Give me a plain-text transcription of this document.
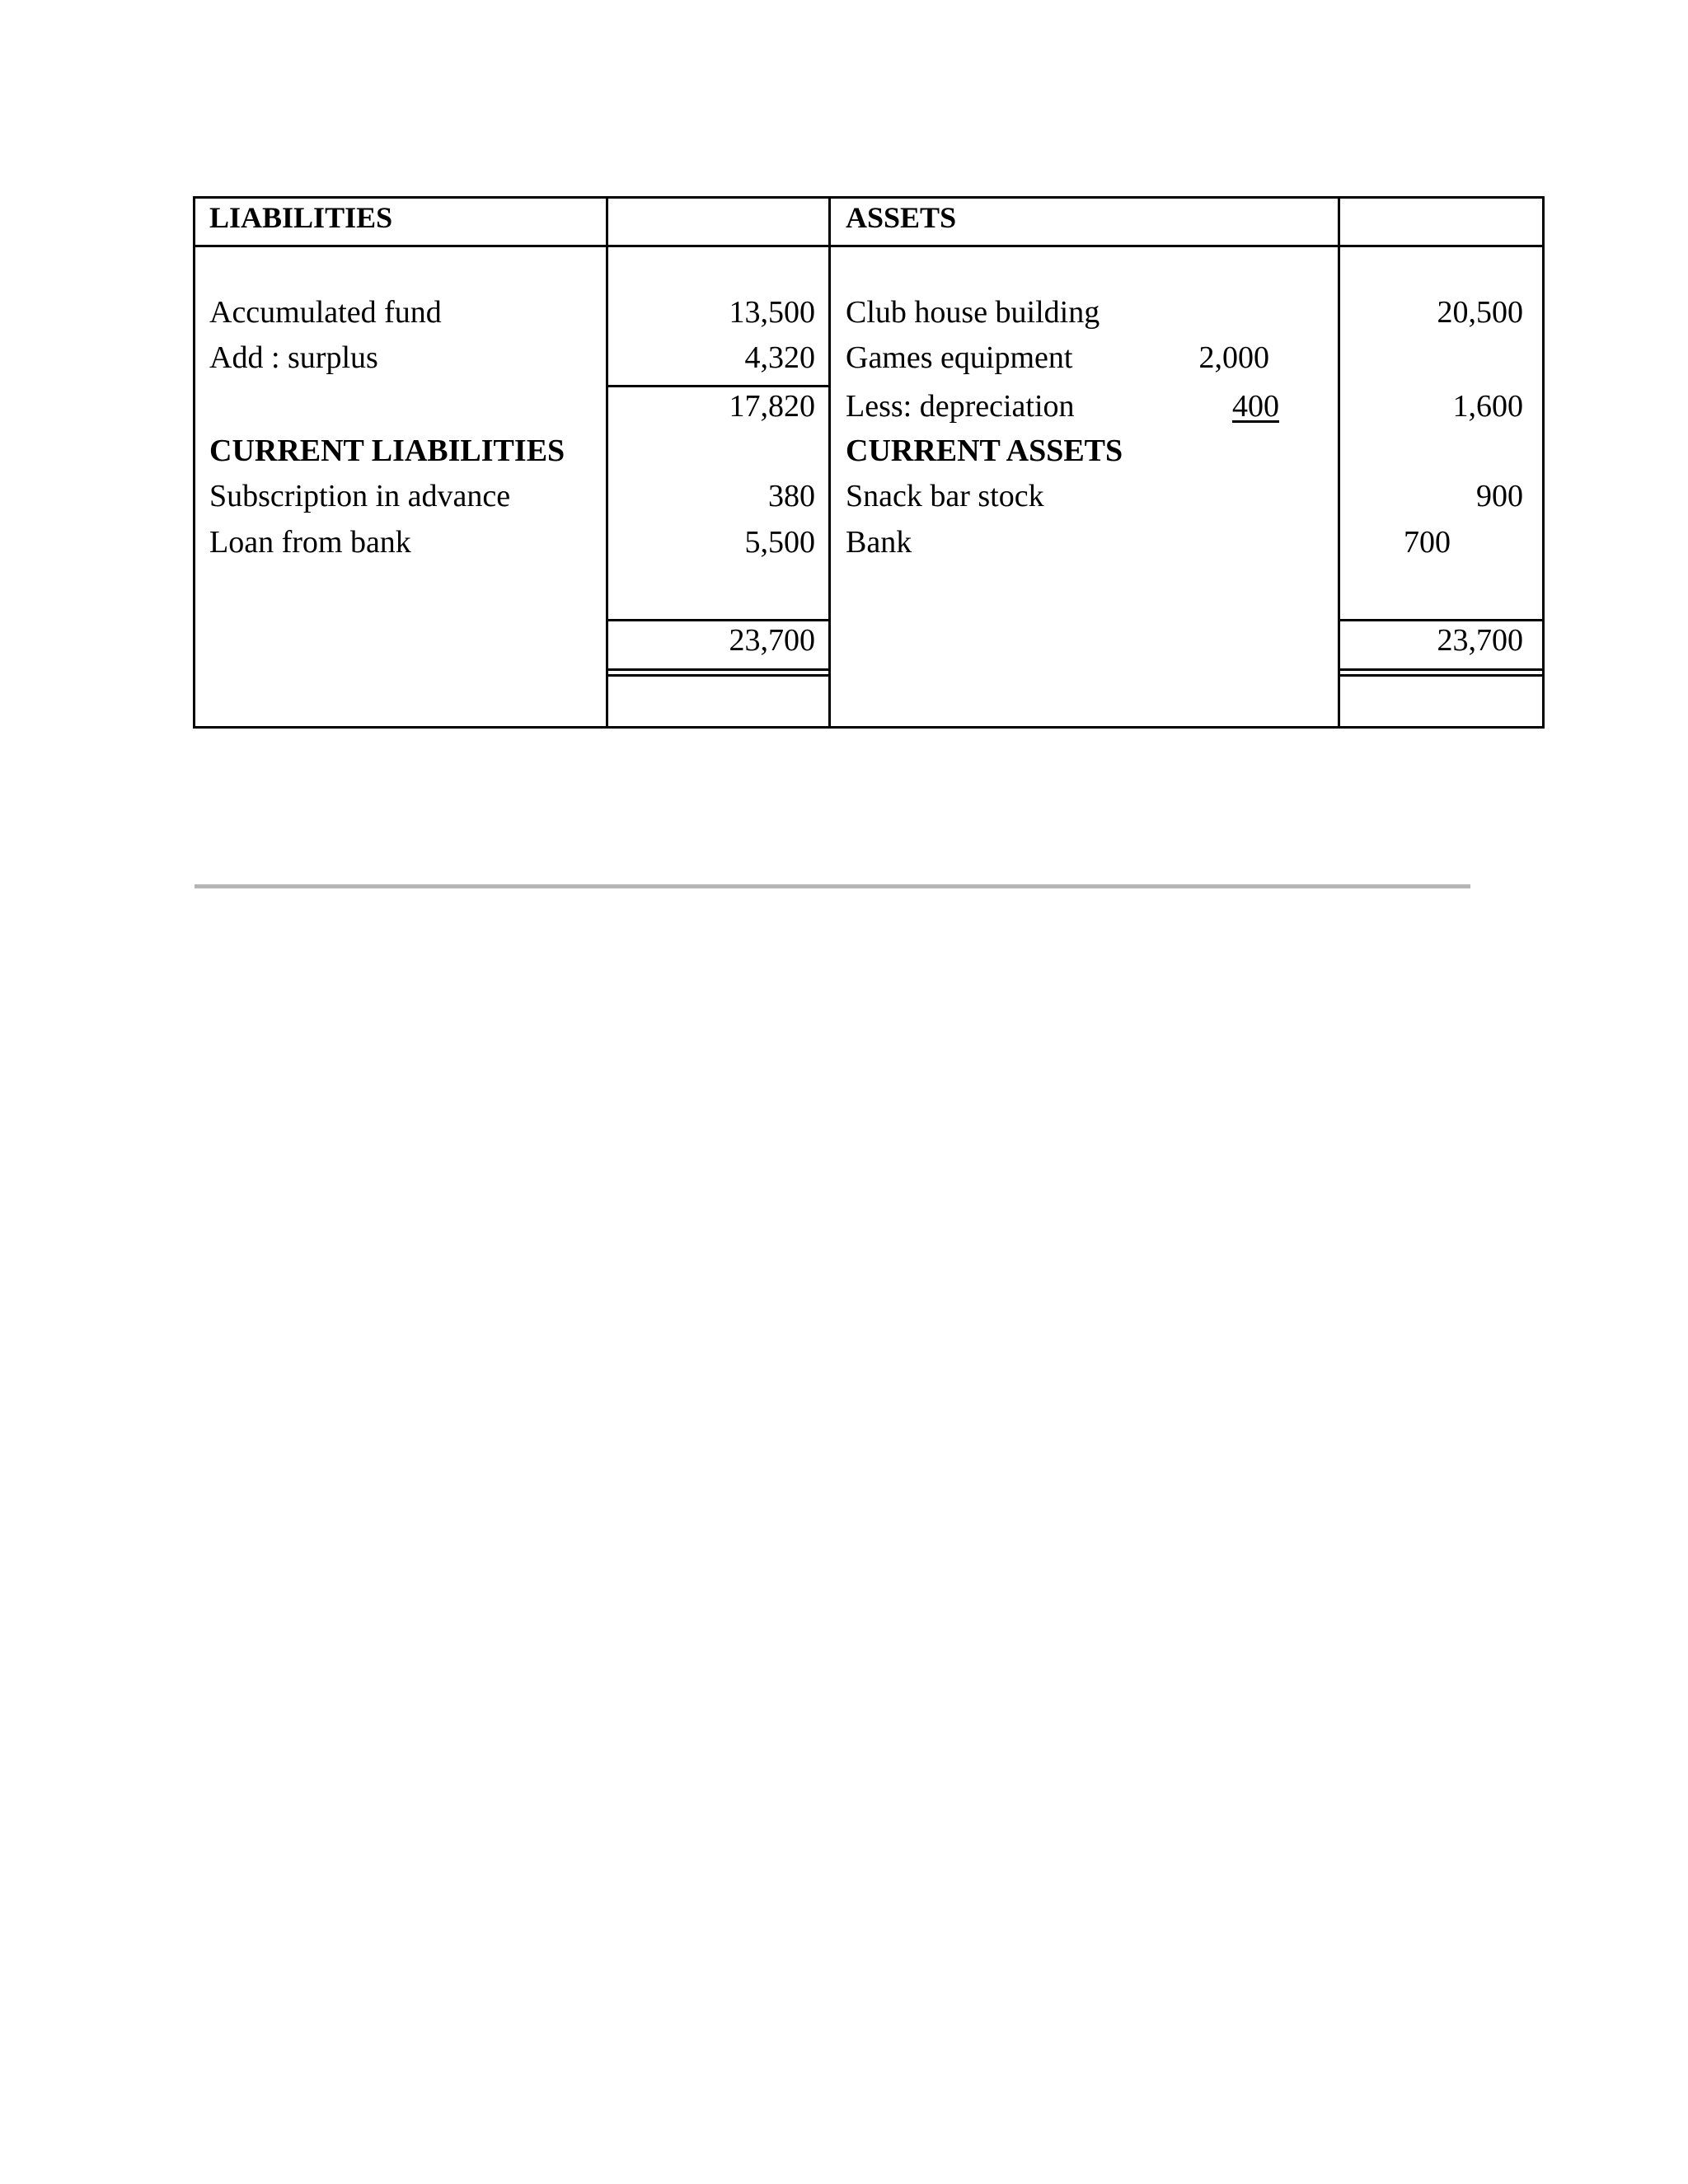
LIABILITIES	ASSETS
Accumulated fund
Add : surplus
CURRENT LIABILITIES
Subscription in advance
Loan from bank
13,500
4,320
17,820
380
5,500
23,700
Club house building
Games equipment
Less: depreciation
CURRENT ASSETS
Snack bar stock
Bank
2,000
400
20,500
1,600
900
700
23,700
